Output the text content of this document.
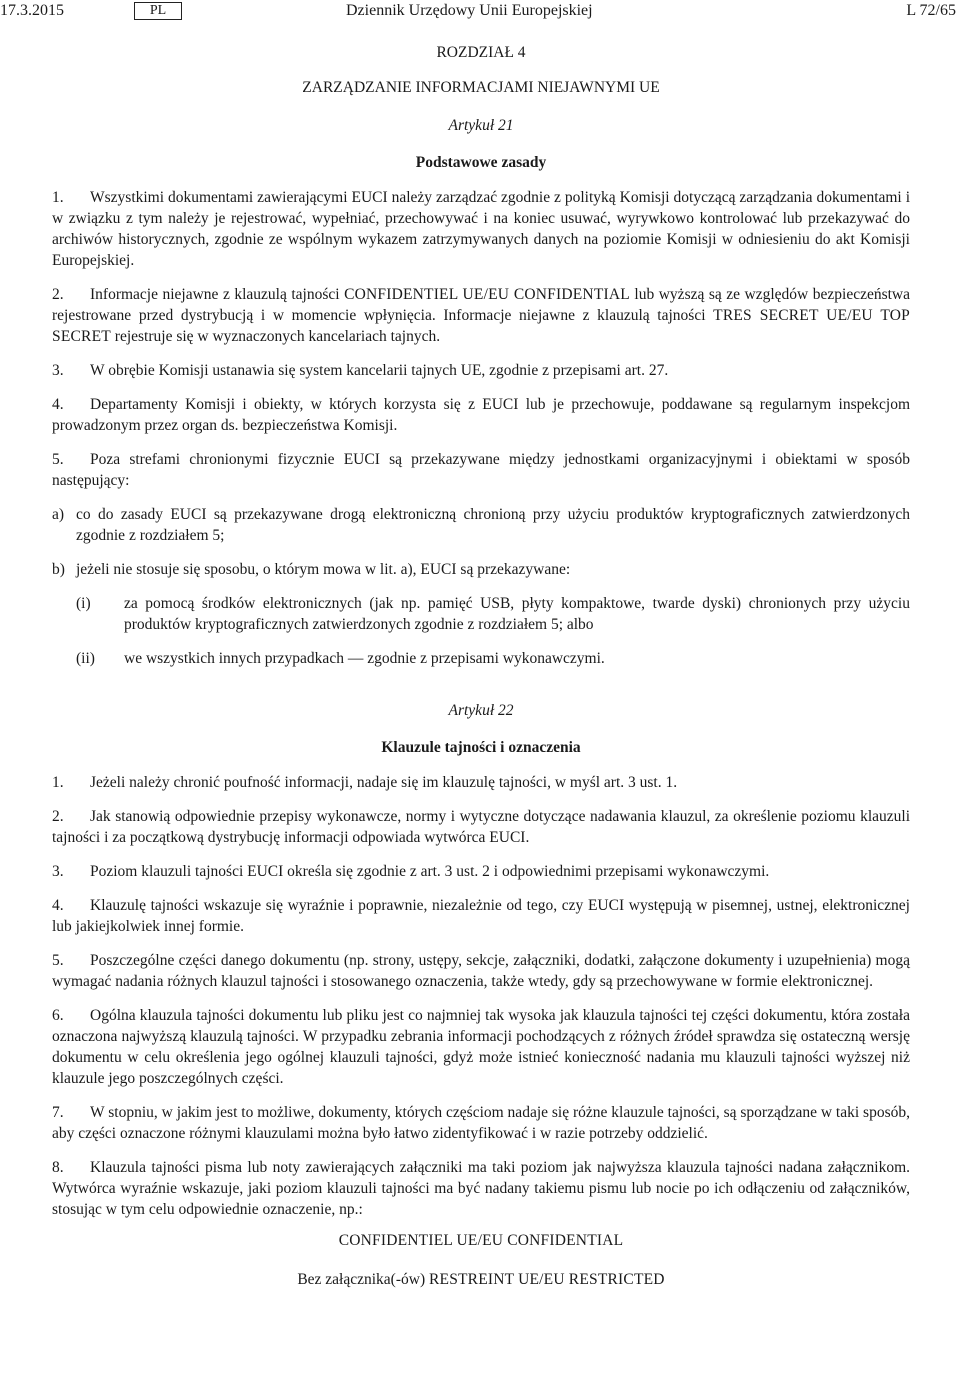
17.3.2015	PL	Dziennik Urzędowy Unii Europejskiej	L 72/65
ROZDZIAŁ 4
ZARZĄDZANIE INFORMACJAMI NIEJAWNYMI UE
Artykuł 21
Podstawowe zasady

1. Wszystkimi dokumentami zawierającymi EUCI należy zarządzać zgodnie z polityką Komisji dotyczącą zarządzania dokumentami i w związku z tym należy je rejestrować, wypełniać, przechowywać i na koniec usuwać, wyrywkowo kontrolować lub przekazywać do archiwów historycznych, zgodnie ze wspólnym wykazem zatrzymywanych danych na poziomie Komisji w odniesieniu do akt Komisji Europejskiej.

2. Informacje niejawne z klauzulą tajności CONFIDENTIEL UE/EU CONFIDENTIAL lub wyższą są ze względów bezpieczeństwa rejestrowane przed dystrybucją i w momencie wpłynięcia. Informacje niejawne z klauzulą tajności TRES SECRET UE/EU TOP SECRET rejestruje się w wyznaczonych kancelariach tajnych.

3. W obrębie Komisji ustanawia się system kancelarii tajnych UE, zgodnie z przepisami art. 27.

4. Departamenty Komisji i obiekty, w których korzysta się z EUCI lub je przechowuje, poddawane są regularnym inspekcjom prowadzonym przez organ ds. bezpieczeństwa Komisji.

5. Poza strefami chronionymi fizycznie EUCI są przekazywane między jednostkami organizacyjnymi i obiektami w sposób następujący:

a) co do zasady EUCI są przekazywane drogą elektroniczną chronioną przy użyciu produktów kryptograficznych zatwierdzonych zgodnie z rozdziałem 5;
b) jeżeli nie stosuje się sposobu, o którym mowa w lit. a), EUCI są przekazywane:
(i)	za pomocą środków elektronicznych (jak np. pamięć USB, płyty kompaktowe, twarde dyski) chronionych przy użyciu produktów kryptograficznych zatwierdzonych zgodnie z rozdziałem 5; albo
(ii)	we wszystkich innych przypadkach — zgodnie z przepisami wykonawczymi.
Artykuł 22
Klauzule tajności i oznaczenia

1. Jeżeli należy chronić poufność informacji, nadaje się im klauzulę tajności, w myśl art. 3 ust. 1.

2. Jak stanowią odpowiednie przepisy wykonawcze, normy i wytyczne dotyczące nadawania klauzul, za określenie poziomu klauzuli tajności i za początkową dystrybucję informacji odpowiada wytwórca EUCI.

3. Poziom klauzuli tajności EUCI określa się zgodnie z art. 3 ust. 2 i odpowiednimi przepisami wykonawczymi.

4. Klauzulę tajności wskazuje się wyraźnie i poprawnie, niezależnie od tego, czy EUCI występują w pisemnej, ustnej, elektronicznej lub jakiejkolwiek innej formie.

5. Poszczególne części danego dokumentu (np. strony, ustępy, sekcje, załączniki, dodatki, załączone dokumenty i uzupełnienia) mogą wymagać nadania różnych klauzul tajności i stosowanego oznaczenia, także wtedy, gdy są przechowywane w formie elektronicznej.

6. Ogólna klauzula tajności dokumentu lub pliku jest co najmniej tak wysoka jak klauzula tajności tej części dokumentu, która została oznaczona najwyższą klauzulą tajności. W przypadku zebrania informacji pochodzących z różnych źródeł sprawdza się ostateczną wersję dokumentu w celu określenia jego ogólnej klauzuli tajności, gdyż może istnieć konieczność nadania mu klauzuli tajności wyższej niż klauzule jego poszczególnych części.

7. W stopniu, w jakim jest to możliwe, dokumenty, których częściom nadaje się różne klauzule tajności, są sporządzane w taki sposób, aby części oznaczone różnymi klauzulami można było łatwo zidentyfikować i w razie potrzeby oddzielić.

8. Klauzula tajności pisma lub noty zawierających załączniki ma taki poziom jak najwyższa klauzula tajności nadana załącznikom. Wytwórca wyraźnie wskazuje, jaki poziom klauzuli tajności ma być nadany takiemu pismu lub nocie po ich odłączeniu od załączników, stosując w tym celu odpowiednie oznaczenie, np.:

CONFIDENTIEL UE/EU CONFIDENTIAL
Bez załącznika(-ów) RESTREINT UE/EU RESTRICTED
